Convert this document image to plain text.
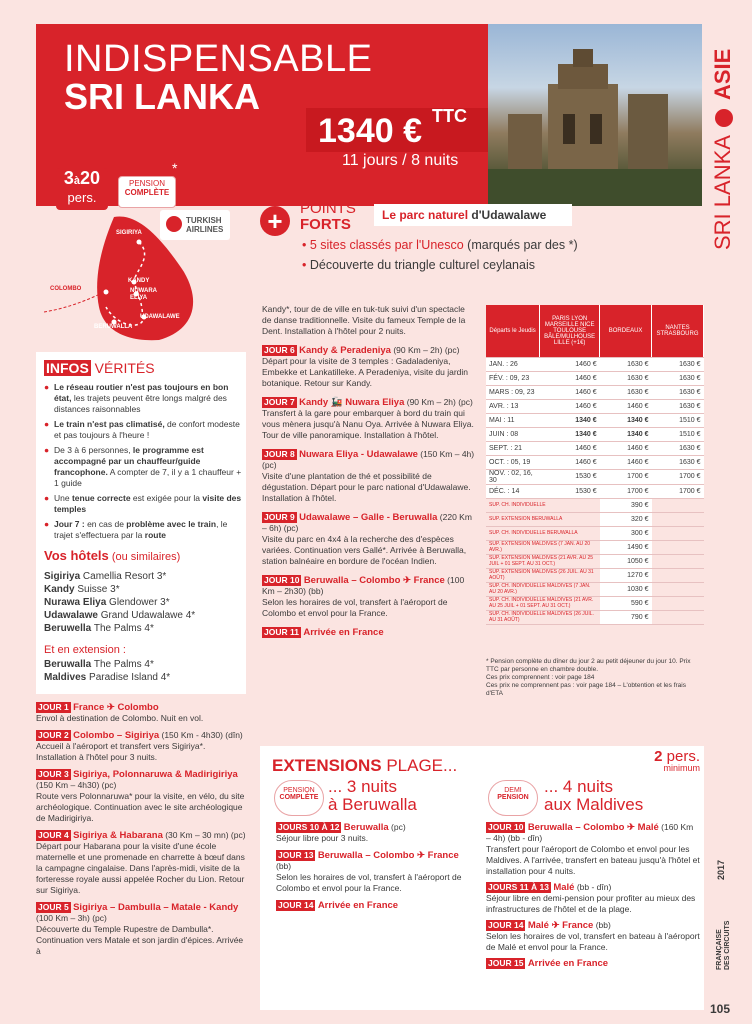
INDISPENSABLE
SRI LANKA
1340 € TTC
11 jours / 8 nuits	SRI LANKA  ASIE
3à20
pers.
*
PENSION
COMPLÈTE
SIGIRIYA
KANDY
NUWARA ELIYA
COLOMBO
UDAWALAWE
BERUWALLA
TURKISH
AIRLINES +	POINTS
FORTS
Le parc naturel d'Udawalawe
• 5 sites classés par l'Unesco (marqués par des *)
• Découverte du triangle culturel ceylanais
INFOS VÉRITÉS
● Le réseau routier n'est pas toujours en bon état, les trajets peuvent être longs malgré des distances raisonnables
● Le train n'est pas climatisé, de confort modeste et pas toujours à l'heure !
● De 3 à 6 personnes, le programme est accompagné par un chauffeur/guide francophone. A compter de 7, il y a 1 chauffeur + 1 guide
● Une tenue correcte est exigée pour la visite des temples
● Jour 7 : en cas de problème avec le train, le trajet s'effectuera par la route
Vos hôtels (ou similaires)
Sigiriya Camellia Resort 3*
Kandy Suisse 3*
Nurawa Eliya Glendower 3*
Udawalawe Grand Udawalawe 4*
Beruwella The Palms 4*
Et en extension :
Beruwalla The Palms 4*
Maldives Paradise Island 4*
JOUR 1 France ✈ Colombo
Envol à destination de Colombo. Nuit en vol.
JOUR 2 Colombo – Sigiriya (150 Km - 4h30) (dîn)
Accueil à l'aéroport et transfert vers Sigiriya*. Installation à l'hôtel pour 3 nuits.
JOUR 3 Sigiriya, Polonnaruwa & Madirigiriya (150 Km – 4h30) (pc)
Route vers Polonnaruwa* pour la visite, en vélo, du site archéologique. Continuation avec le site archéologique de Madirigiriya.
JOUR 4 Sigiriya & Habarana (30 Km – 30 mn) (pc)
Départ pour Habarana pour la visite d'une école maternelle et une promenade en charrette à bœuf dans la campagne cingalaise. Dans l'après-midi, visite de la forteresse royale aussi appelée Rocher du Lion. Retour sur Sigiriya.
JOUR 5 Sigiriya – Dambulla – Matale - Kandy (100 Km – 3h) (pc)
Découverte du Temple Rupestre de Dambulla*. Continuation vers Matale et son jardin d'épices. Arrivée à
Kandy*, tour de de ville en tuk-tuk suivi d'un spectacle de danse traditionnelle. Visite du fameux Temple de la Dent. Installation à l'hôtel pour 2 nuits.
JOUR 6 Kandy & Peradeniya (90 Km – 2h) (pc)
Départ pour la visite de 3 temples : Gadaladeniya, Embekke et Lankatilleke. A Peradeniya, visite du jardin botanique. Retour sur Kandy.
JOUR 7 Kandy 🚂 Nuwara Eliya (90 Km – 2h) (pc)
Transfert à la gare pour embarquer à bord du train qui vous mènera jusqu'à Nanu Oya. Arrivée à Nuwara Eliya. Tour de ville panoramique. Installation à l'hôtel.
JOUR 8 Nuwara Eliya - Udawalawe (150 Km – 4h) (pc)
Visite d'une plantation de thé et possibilité de dégustation. Départ pour le parc national d'Udawalawe. Installation à l'hôtel.
JOUR 9 Udawalawe – Galle - Beruwalla (220 Km – 6h) (pc)
Visite du parc en 4x4 à la recherche des d'espèces variées. Continuation vers Gallé*. Arrivée à Beruwalla, station balnéaire en bordure de l'océan Indien.
JOUR 10 Beruwalla – Colombo ✈ France (100 Km – 2h30) (bb)
Selon les horaires de vol, transfert à l'aéroport de Colombo et envol pour la France.
JOUR 11 Arrivée en France
Départs le Jeudis	PARIS LYON MARSEILLE NICE TOULOUSE BÂLE/MULHOUSE LILLE (+1€)	BORDEAUX	NANTES STRASBOURG
JAN. : 26	1460 €	1630 €	1630 €
FÉV. : 09, 23	1460 €	1630 €	1630 €
MARS : 09, 23	1460 €	1630 €	1630 €
AVR. : 13	1460 €	1460 €	1630 €
MAI : 11	1340 €	1340 €	1510 €
JUIN : 08	1340 €	1340 €	1510 €
SEPT. : 21	1460 €	1460 €	1630 €
OCT. : 05, 19	1460 €	1460 €	1630 €
NOV. : 02, 16, 30	1530 €	1700 €	1700 €
DÉC. : 14	1530 €	1700 €	1700 €
SUP. CH. INDIVIDUELLE		390 €	
SUP. EXTENSION BERUWALLA		320 €	
SUP. CH. INDIVIDUELLE BERUWALLA		300 €	
SUP. EXTENSION MALDIVES (7 JAN. AU 20 AVR.)		1490 €	
SUP. EXTENSION MALDIVES (21 AVR. AU 25 JUIL + 01 SEPT. AU 31 OCT.)		1050 €	
SUP. EXTENSION MALDIVES (26 JUIL. AU 31 AOÛT)		1270 €	
SUP. CH. INDIVIDUELLE MALDIVES (7 JAN. AU 20 AVR.)		1030 €	
SUP. CH. INDIVIDUELLE MALDIVES (21 AVR. AU 25 JUIL + 01 SEPT. AU 31 OCT.)		590 €	
SUP. CH. INDIVIDUELLE MALDIVES (26 JUIL. AU 31 AOÛT)		790 €	
* Pension complète du dîner du jour 2 au petit déjeuner du jour 10. Prix TTC par personne en chambre double.
Ces prix comprennent : voir page 184
Ces prix ne comprennent pas : voir page 184 – L'obtention et les frais d'ETA
EXTENSIONS PLAGE...	2 pers.
minimum
PENSION
COMPLÈTE
... 3 nuits
à Beruwalla
JOURS 10 À 12 Beruwalla (pc)
Séjour libre pour 3 nuits.
JOUR 13 Beruwalla – Colombo ✈ France (bb)
Selon les horaires de vol, transfert à l'aéroport de Colombo et envol pour la France.
JOUR 14 Arrivée en France
DEMI
PENSION
... 4 nuits
aux Maldives
JOUR 10 Beruwalla – Colombo ✈ Malé (160 Km – 4h) (bb - dîn)
Transfert pour l'aéroport de Colombo et envol pour les Maldives. A l'arrivée, transfert en bateau jusqu'à l'hôtel et installation pour 4 nuits.
JOURS 11 À 13 Malé (bb - dîn)
Séjour libre en demi-pension pour profiter au mieux des infrastructures de l'hôtel et de la plage.
JOUR 14 Malé ✈ France (bb)
Selon les horaires de vol, transfert en bateau à l'aéroport de Malé et envol pour la France.
JOUR 15 Arrivée en France
2017
FRANÇAISE DES CIRCUITS
105
